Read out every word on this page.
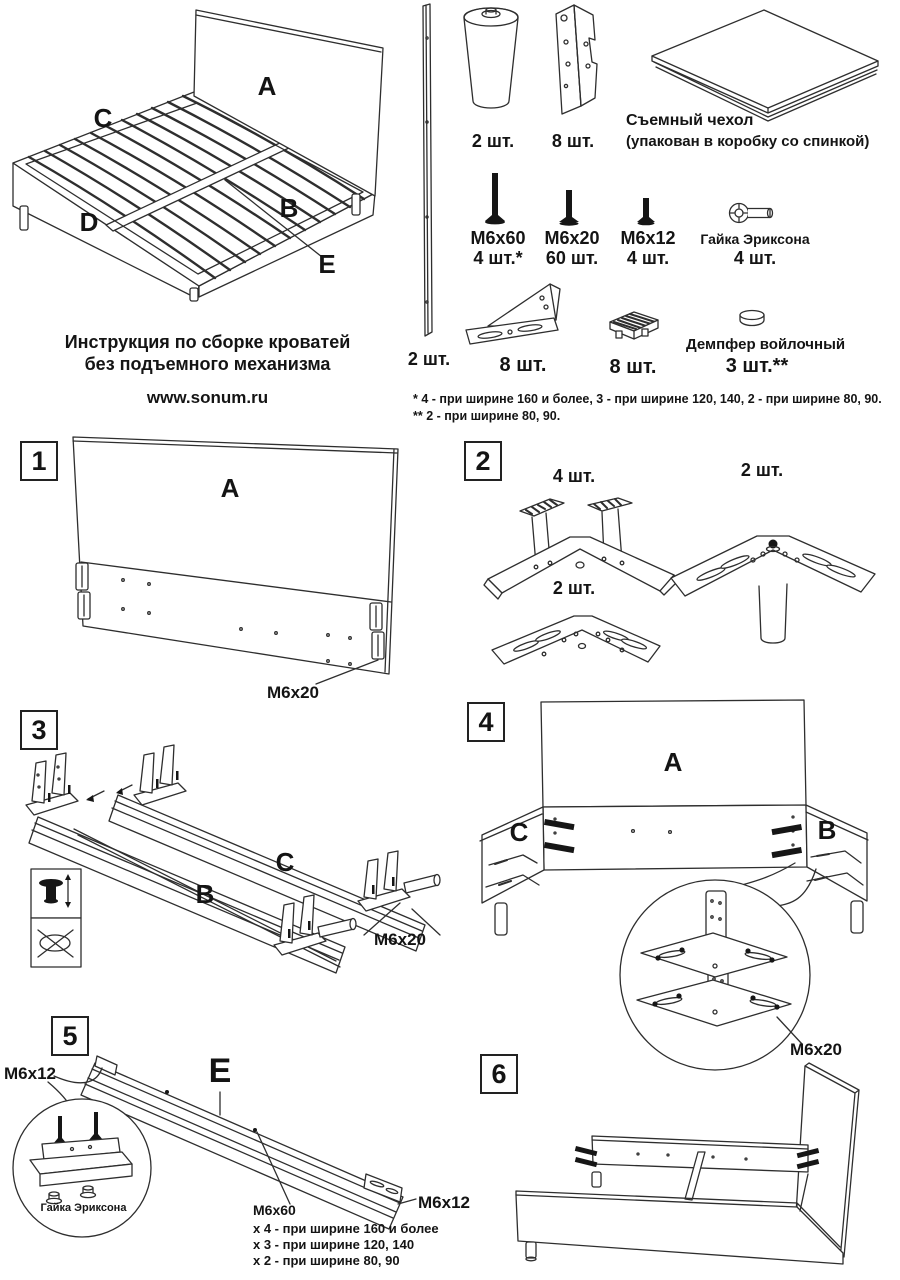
A
C
D	B
E
Инструкция по сборке кроватей
без подъемного механизма
www.sonum.ru
2 шт.
2 шт.	8 шт.
Съемный чехол
(упакован в коробку со спинкой)
M6x60
4 шт.*
M6x20
60 шт.
M6x12
4 шт.
Гайка Эриксона
4 шт.
8 шт.	8 шт.
Демпфер войлочный
3 шт.**
* 4 - при ширине 160 и более, 3 - при ширине 120, 140, 2 - при ширине 80, 90.
** 2 - при ширине 80, 90.
1
A
M6x20
2
4 шт.	2 шт.
2 шт.
3
C
B
M6x20
4
A
C	B
M6x20
5
E
M6x12
M6x12
Гайка Эриксона	M6x60
x 4 - при ширине 160 и более
x 3 - при ширине 120, 140
x 2 - при ширине 80, 90
6
